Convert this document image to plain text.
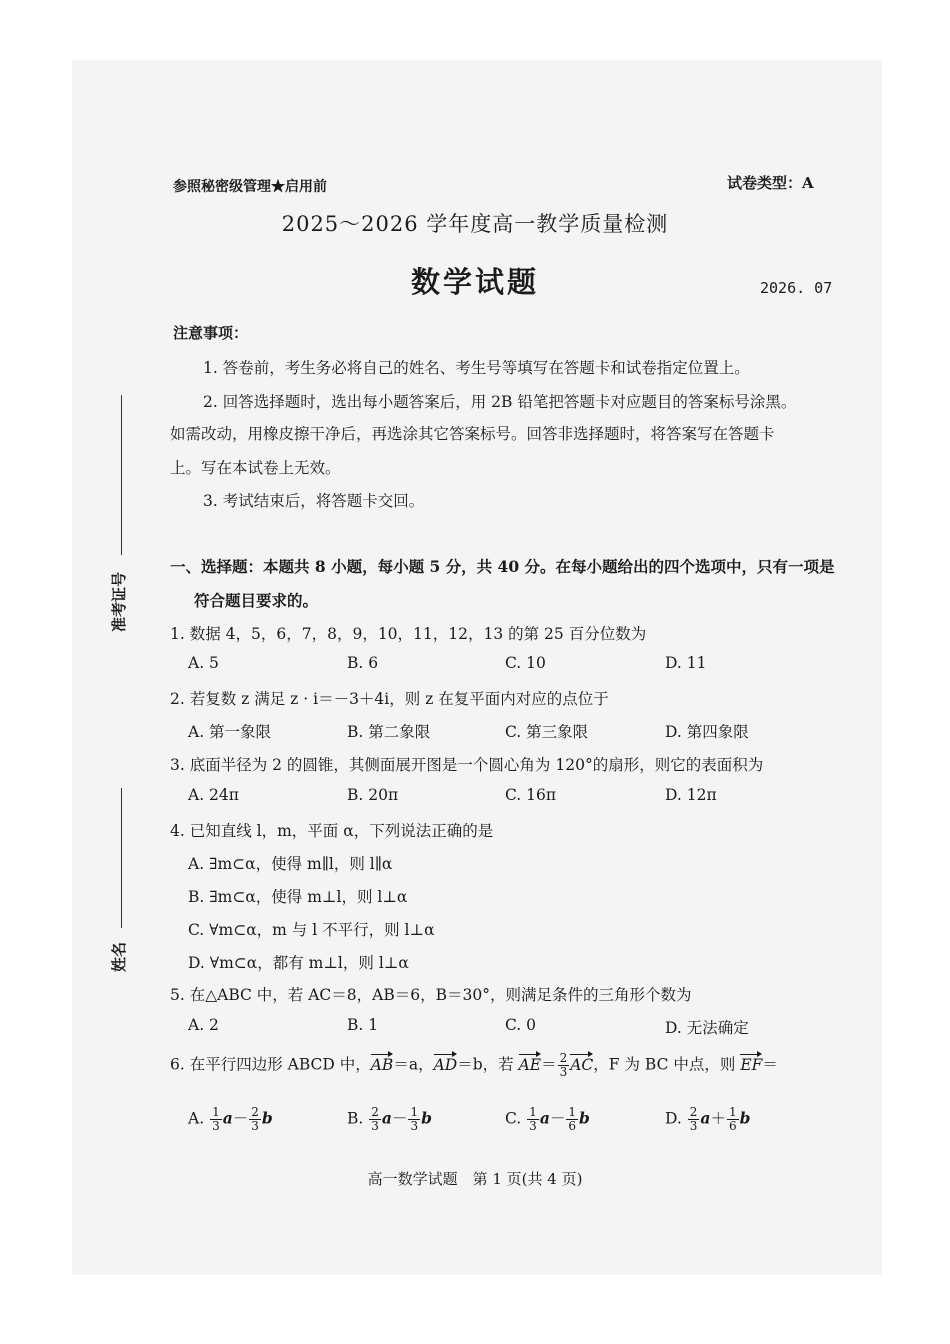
参照秘密级管理★启用前	试卷类型：A
2025～2026 学年度高一教学质量检测
数学试题	2026. 07
注意事项：
1. 答卷前，考生务必将自己的姓名、考生号等填写在答题卡和试卷指定位置上。
2. 回答选择题时，选出每小题答案后，用 2B 铅笔把答题卡对应题目的答案标号涂黑。
如需改动，用橡皮擦干净后，再选涂其它答案标号。回答非选择题时，将答案写在答题卡
上。写在本试卷上无效。
3. 考试结束后，将答题卡交回。
准考证号
姓名
一、选择题：本题共 8 小题，每小题 5 分，共 40 分。在每小题给出的四个选项中，只有一项是
符合题目要求的。
1. 数据 4，5，6，7，8，9，10，11，12，13 的第 25 百分位数为
A. 5	B. 6	C. 10	D. 11
2. 若复数 z 满足 z · i＝－3＋4i，则 z 在复平面内对应的点位于
A. 第一象限	B. 第二象限	C. 第三象限	D. 第四象限
3. 底面半径为 2 的圆锥，其侧面展开图是一个圆心角为 120°的扇形，则它的表面积为
A. 24π	B. 20π	C. 16π	D. 12π
4. 已知直线 l，m，平面 α，下列说法正确的是
A. ∃m⊂α，使得 m∥l，则 l∥α
B. ∃m⊂α，使得 m⊥l，则 l⊥α
C. ∀m⊂α，m 与 l 不平行，则 l⊥α
D. ∀m⊂α，都有 m⊥l，则 l⊥α
5. 在△ABC 中，若 AC＝8，AB＝6，B＝30°，则满足条件的三角形个数为
A. 2	B. 1	C. 0	D. 无法确定
6. 在平行四边形 ABCD 中，AB＝a，AD＝b，若 $AE= \frac{2}{3}$ AC，F 为 BC 中点，则 EF＝
A. $\frac{1}{3} a- \frac{2}{3}$ b	B. $\frac{2}{3} a- \frac{1}{3}$ b	C. $\frac{1}{3} a- \frac{1}{6}$ b	D. $\frac{2}{3} a+ \frac{1}{6}$ b
高一数学试题　第 1 页(共 4 页)
